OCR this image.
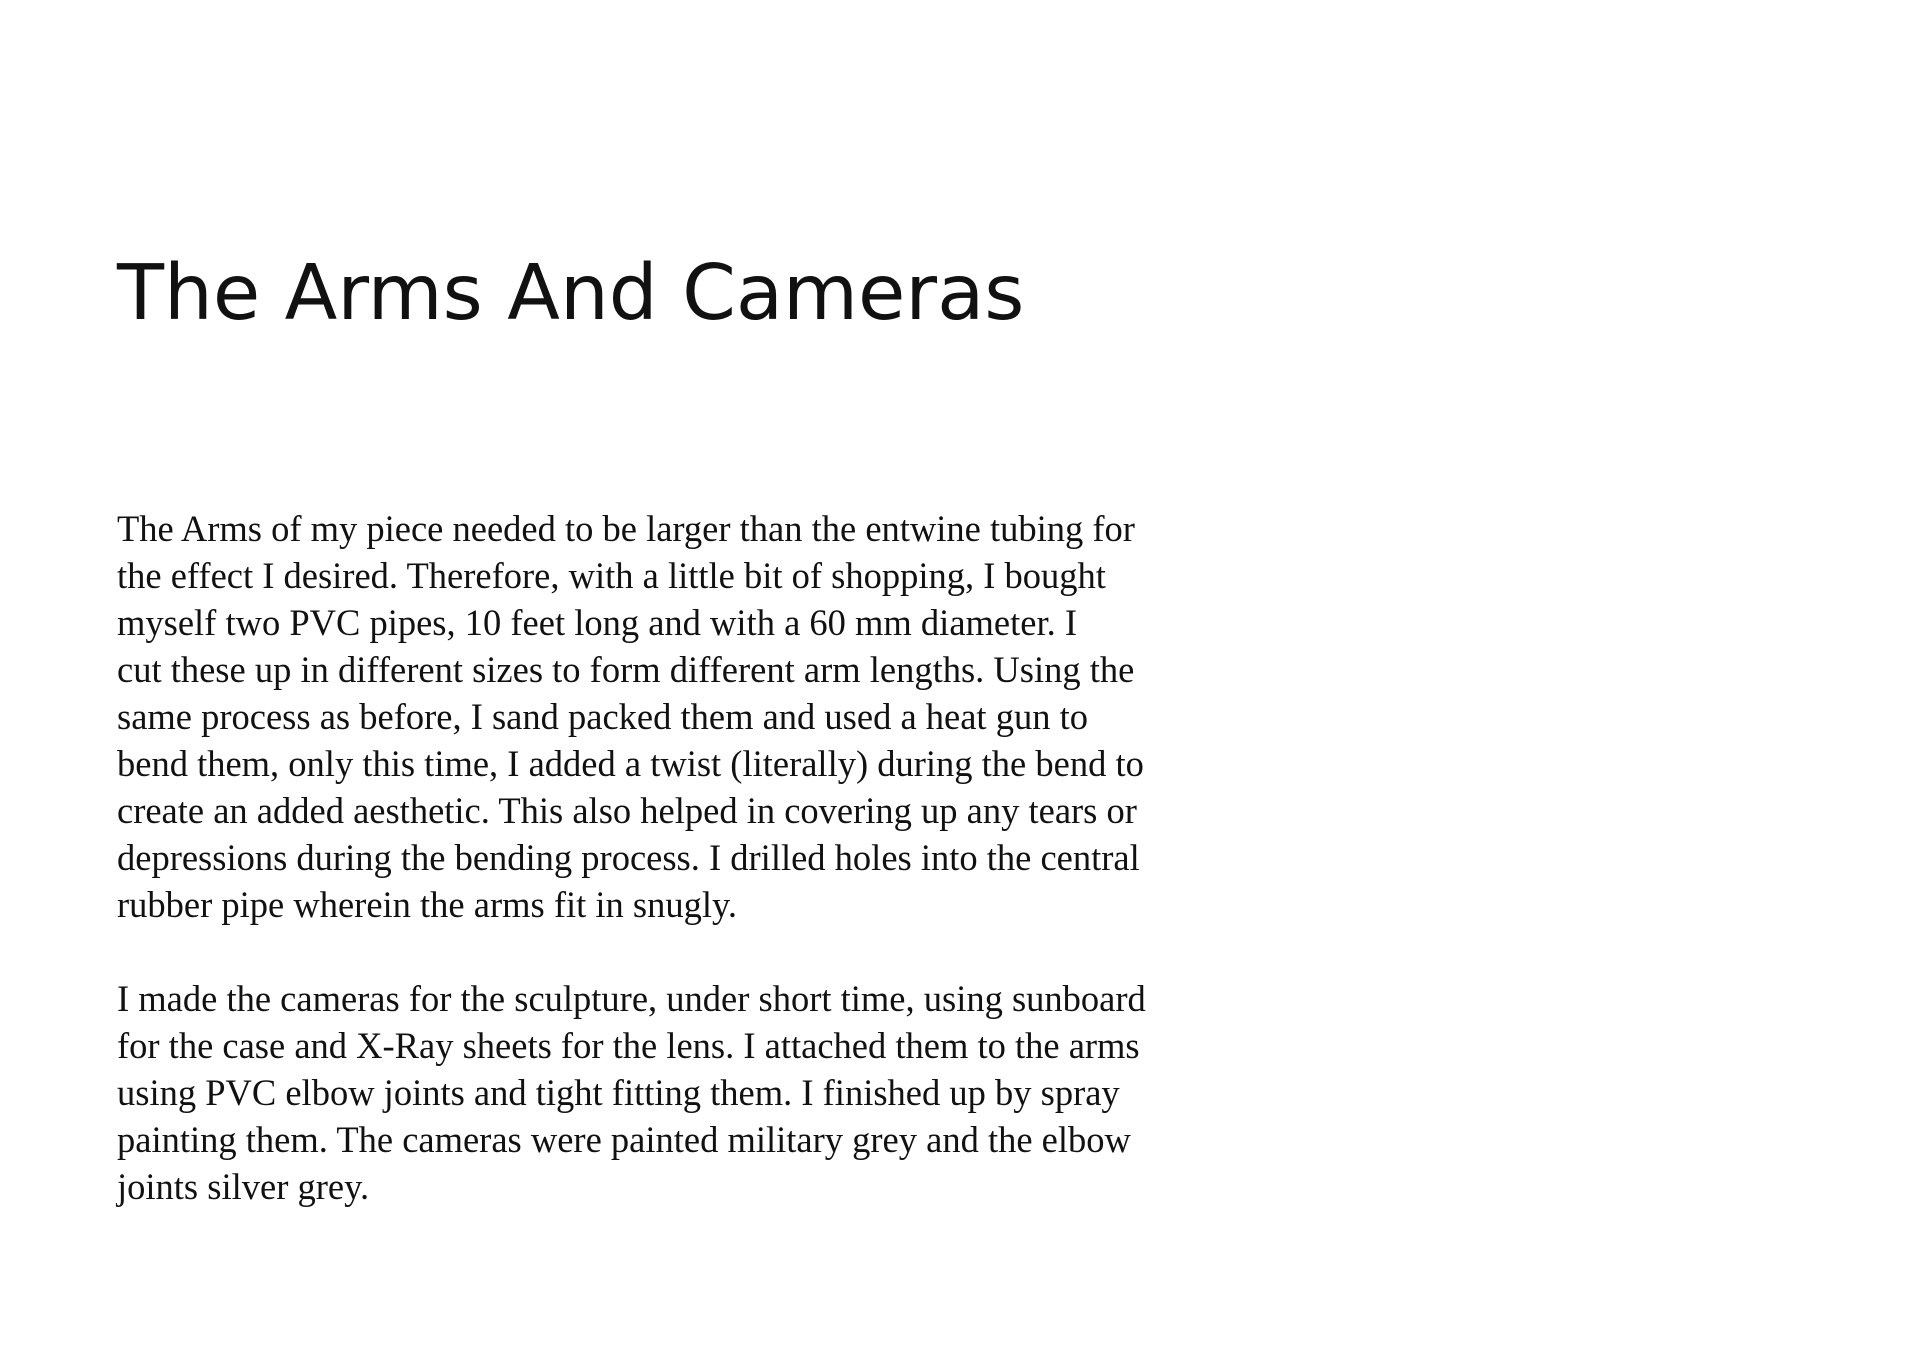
The Arms And Cameras

The Arms of my piece needed to be larger than the entwine tubing for
the effect I desired. Therefore, with a little bit of shopping, I bought
myself two PVC pipes, 10 feet long and with a 60 mm diameter. I
cut these up in different sizes to form different arm lengths. Using the
same process as before, I sand packed them and used a heat gun to
bend them, only this time, I added a twist (literally) during the bend to
create an added aesthetic. This also helped in covering up any tears or
depressions during the bending process. I drilled holes into the central
rubber pipe wherein the arms fit in snugly.

I made the cameras for the sculpture, under short time, using sunboard
for the case and X-Ray sheets for the lens. I attached them to the arms
using PVC elbow joints and tight fitting them. I finished up by spray
painting them. The cameras were painted military grey and the elbow
joints silver grey.
